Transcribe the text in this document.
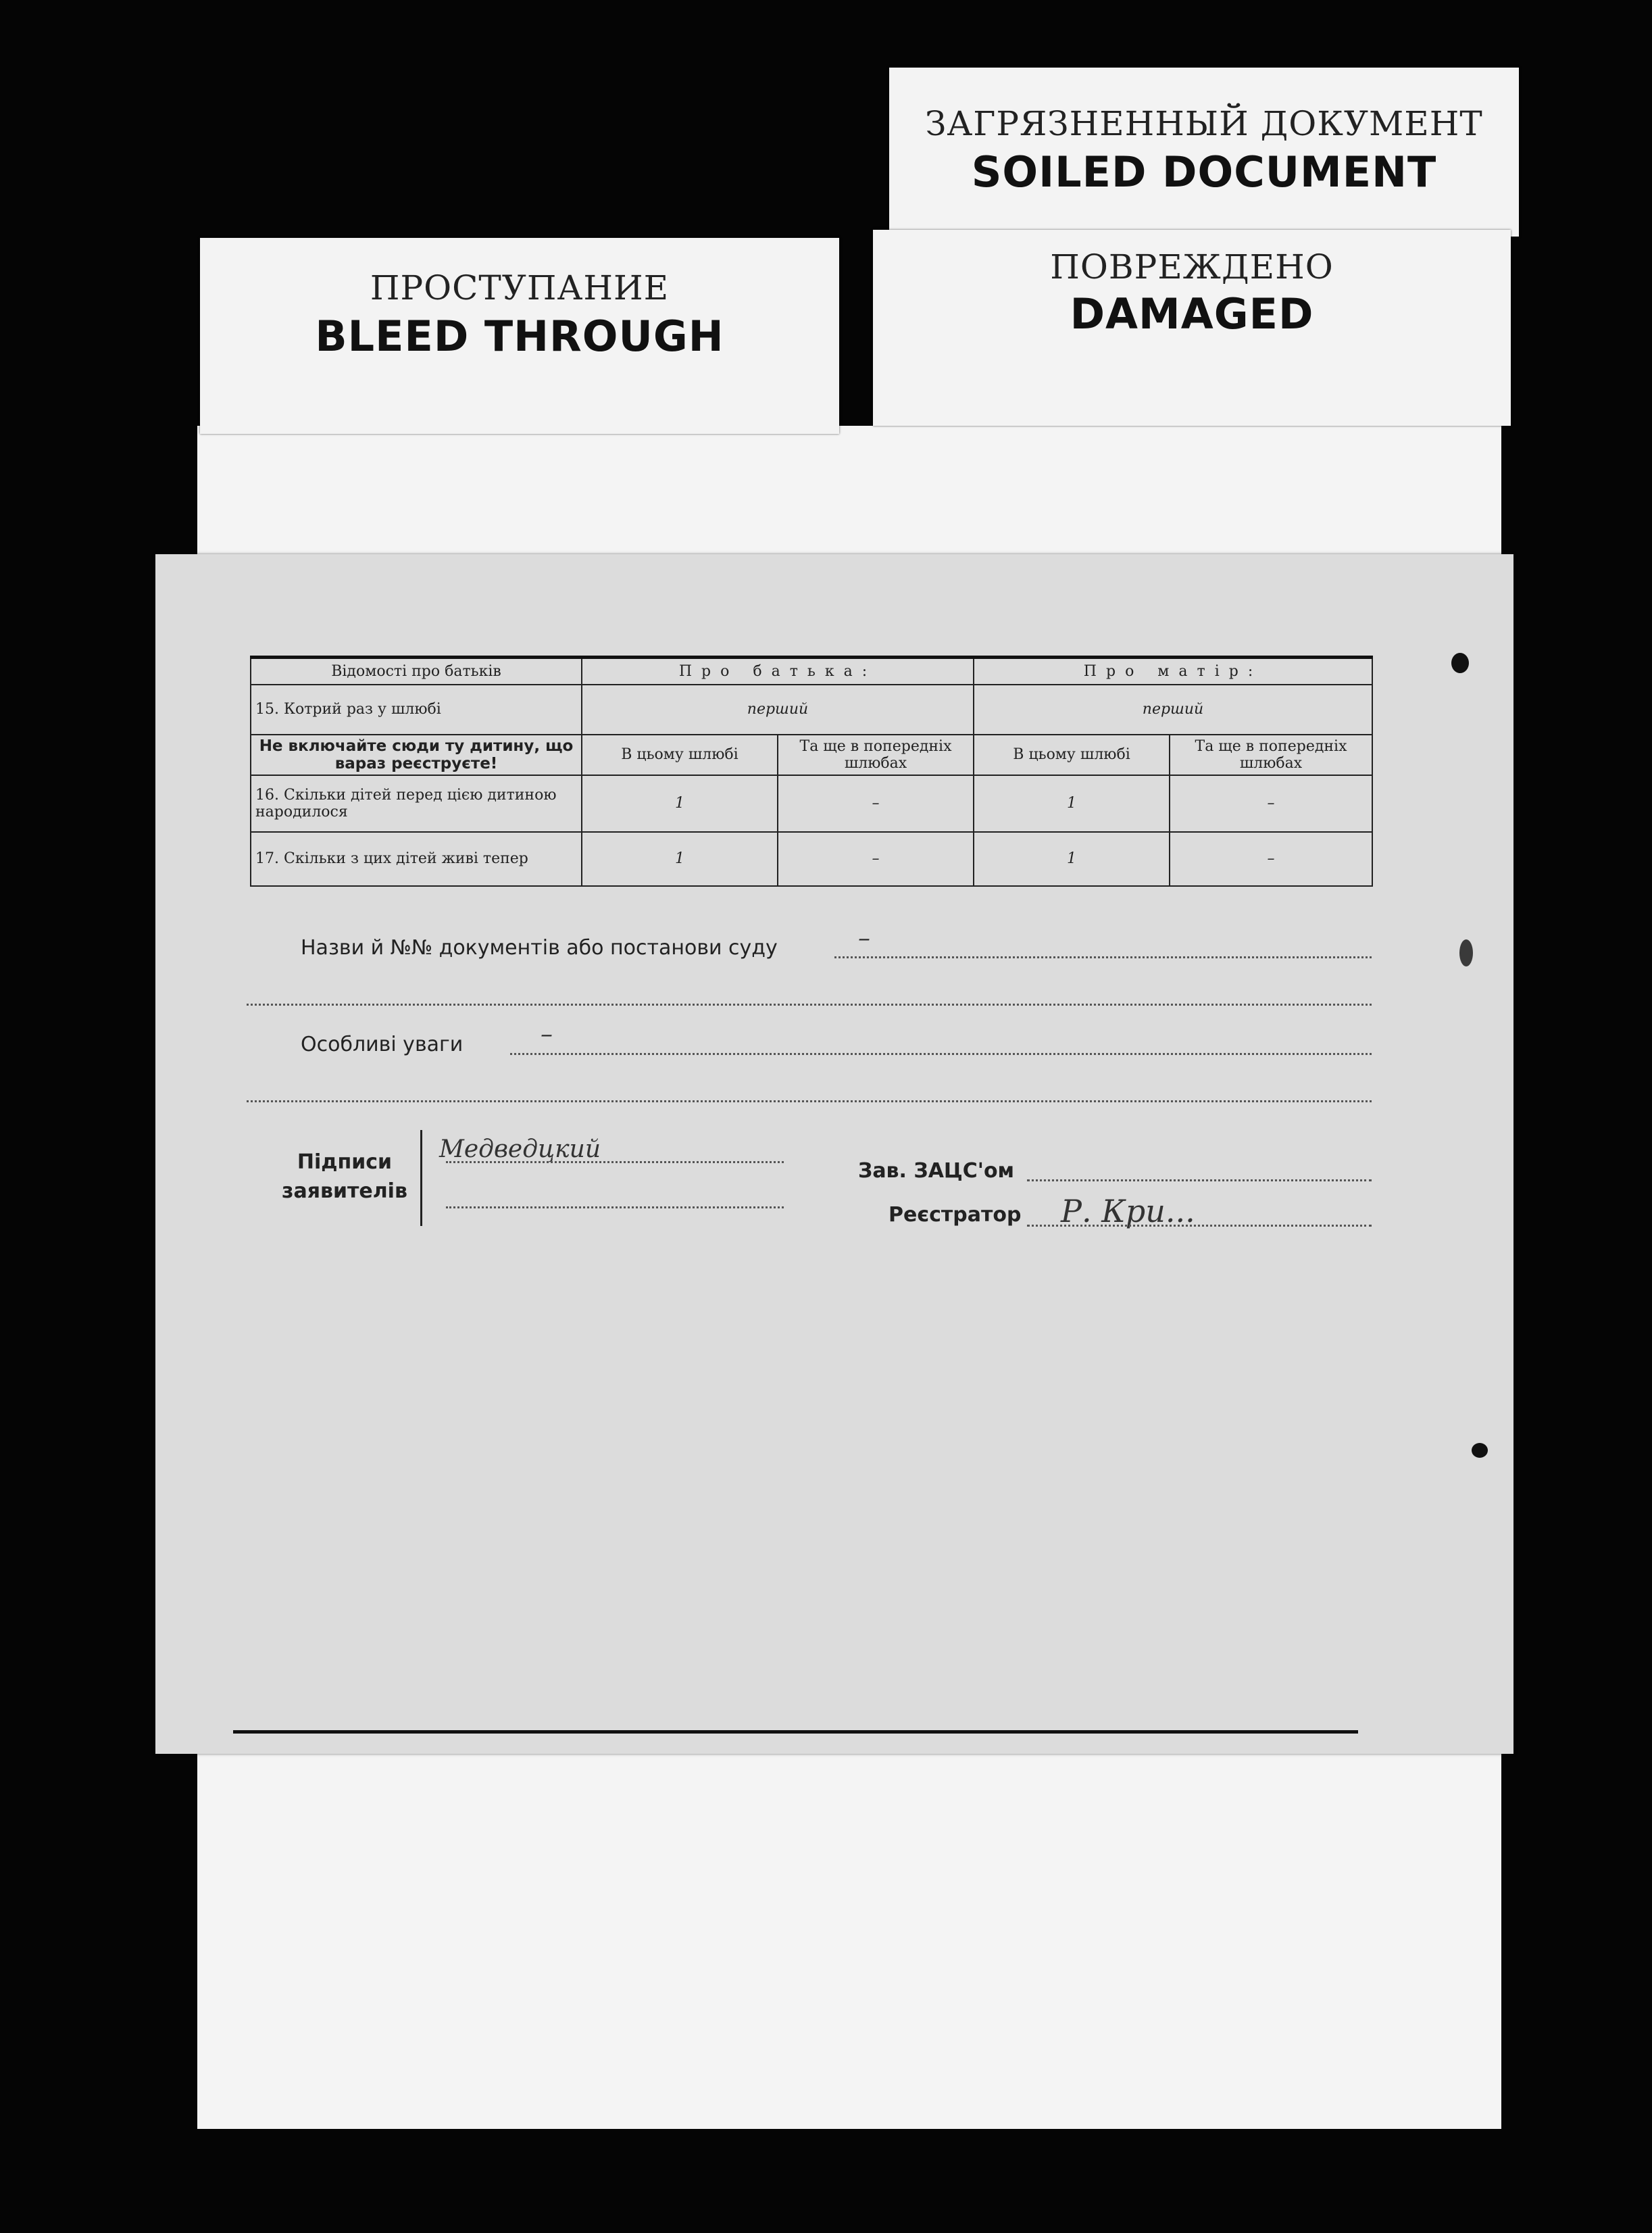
ЗАГРЯЗНЕННЫЙ ДОКУМЕНТ
SOILED DOCUMENT
ПРОСТУПАНИЕ
BLEED THROUGH
ПОВРЕЖДЕНО
DAMAGED
Відомості про батьків	Про батька:		Про матір:	
15. Котрий раз у шлюбі	перший		перший	
Не включайте сюди ту дитину, що вараз реєструєте!	В цьому шлюбі	Та ще в попередніх шлюбах	В цьому шлюбі	Та ще в попередніх шлюбах
16. Скільки дітей перед цією дитиною народилося	1	–	1	–
17. Скільки з цих дітей живі тепер	1	–	1	–
Назви й №№ документів або постанови суду	–
Особливі уваги	–
Підписи
заявителів
Медведцкий
Зав. ЗАЦС'ом
Реєстратор Р. Кри...
